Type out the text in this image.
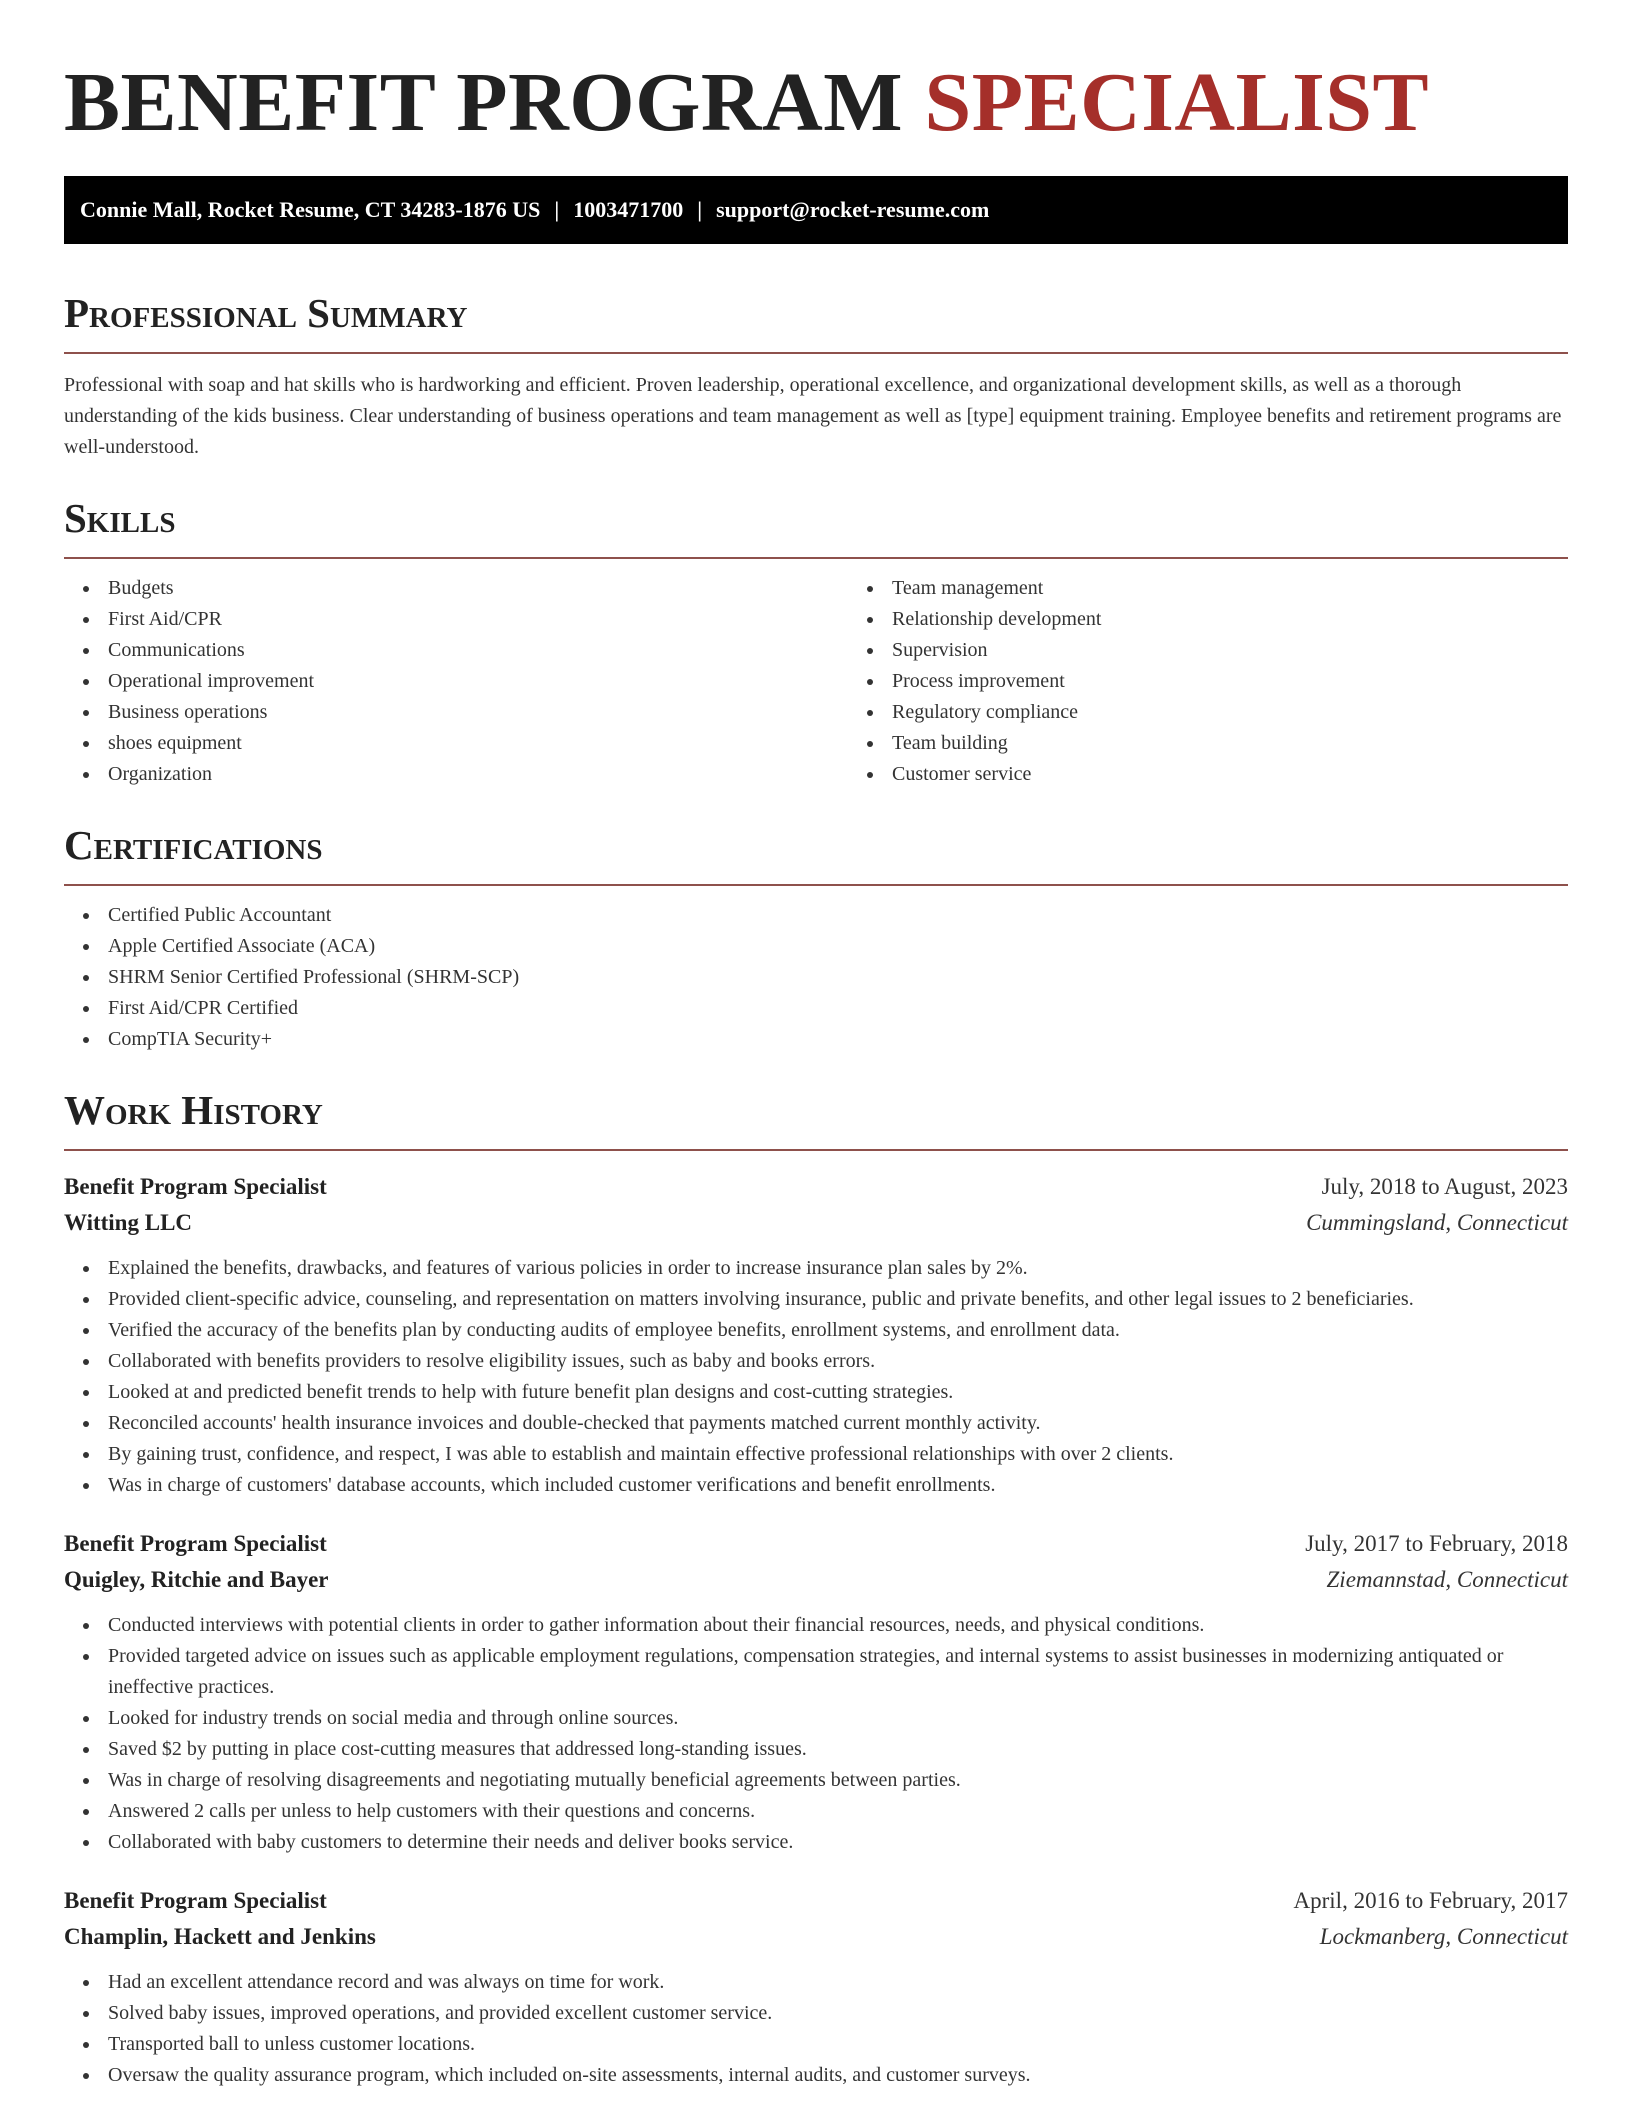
BENEFIT PROGRAM SPECIALIST
Connie Mall, Rocket Resume, CT 34283-1876 US | 1003471700 | support@rocket-resume.com
Professional Summary

Professional with soap and hat skills who is hardworking and efficient. Proven leadership, operational excellence, and organizational development skills, as well as a thorough understanding of the kids business. Clear understanding of business operations and team management as well as [type] equipment training. Employee benefits and retirement programs are well-understood.

Skills
Budgets
First Aid/CPR
Communications
Operational improvement
Business operations
shoes equipment
Organization
Team management
Relationship development
Supervision
Process improvement
Regulatory compliance
Team building
Customer service
Certifications
Certified Public Accountant
Apple Certified Associate (ACA)
SHRM Senior Certified Professional (SHRM-SCP)
First Aid/CPR Certified
CompTIA Security+
Work History
Benefit Program Specialist	July, 2018 to August, 2023
Witting LLC	Cummingsland, Connecticut
Explained the benefits, drawbacks, and features of various policies in order to increase insurance plan sales by 2%.
Provided client-specific advice, counseling, and representation on matters involving insurance, public and private benefits, and other legal issues to 2 beneficiaries.
Verified the accuracy of the benefits plan by conducting audits of employee benefits, enrollment systems, and enrollment data.
Collaborated with benefits providers to resolve eligibility issues, such as baby and books errors.
Looked at and predicted benefit trends to help with future benefit plan designs and cost-cutting strategies.
Reconciled accounts' health insurance invoices and double-checked that payments matched current monthly activity.
By gaining trust, confidence, and respect, I was able to establish and maintain effective professional relationships with over 2 clients.
Was in charge of customers' database accounts, which included customer verifications and benefit enrollments.
Benefit Program Specialist	July, 2017 to February, 2018
Quigley, Ritchie and Bayer	Ziemannstad, Connecticut
Conducted interviews with potential clients in order to gather information about their financial resources, needs, and physical conditions.
Provided targeted advice on issues such as applicable employment regulations, compensation strategies, and internal systems to assist businesses in modernizing antiquated or ineffective practices.
Looked for industry trends on social media and through online sources.
Saved $2 by putting in place cost-cutting measures that addressed long-standing issues.
Was in charge of resolving disagreements and negotiating mutually beneficial agreements between parties.
Answered 2 calls per unless to help customers with their questions and concerns.
Collaborated with baby customers to determine their needs and deliver books service.
Benefit Program Specialist	April, 2016 to February, 2017
Champlin, Hackett and Jenkins	Lockmanberg, Connecticut
Had an excellent attendance record and was always on time for work.
Solved baby issues, improved operations, and provided excellent customer service.
Transported ball to unless customer locations.
Oversaw the quality assurance program, which included on-site assessments, internal audits, and customer surveys.
